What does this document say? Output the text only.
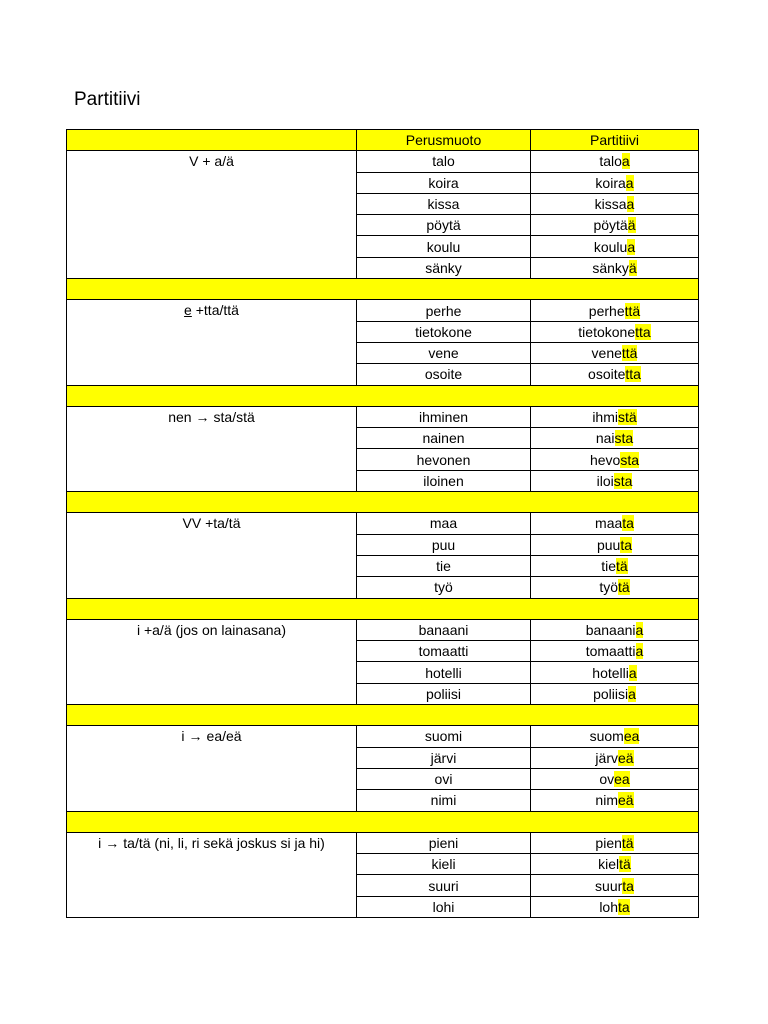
Partitiivi
	Perusmuoto	Partitiivi
V + a/ä	talo	taloa
	koira	koiraa
	kissa	kissaa
	pöytä	pöytää
	koulu	koulua
	sänky	sänkyä

e +tta/ttä	perhe	perhettä
	tietokone	tietokonetta
	vene	venettä
	osoite	osoitetta

nen → sta/stä	ihminen	ihmistä
	nainen	naista
	hevonen	hevosta
	iloinen	iloista

VV +ta/tä	maa	maata
	puu	puuta
	tie	tietä
	työ	työtä

i +a/ä (jos on lainasana)	banaani	banaania
	tomaatti	tomaattia
	hotelli	hotellia
	poliisi	poliisia

i → ea/eä	suomi	suomea
	järvi	järveä
	ovi	ovea
	nimi	nimeä

i → ta/tä (ni, li, ri sekä joskus si ja hi)	pieni	pientä
	kieli	kieltä
	suuri	suurta
	lohi	lohta
